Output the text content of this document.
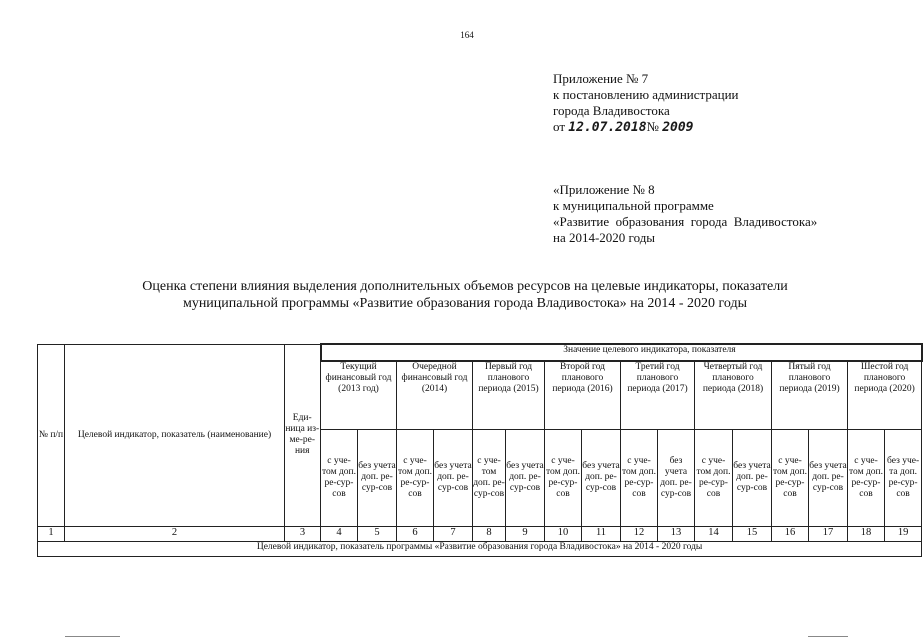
164
Приложение № 7
к постановлению администрации
города Владивостока
от 12.07.2018№ 2009
«Приложение № 8
к муниципальной программе
«Развитие  образования  города  Владивостока»
на 2014-2020 годы
Оценка степени влияния выделения дополнительных объемов ресурсов на целевые индикаторы, показатели
муниципальной программы «Развитие образования города Владивостока» на 2014 - 2020 годы
№ п/п	Целевой индикатор, показатель (наименование)	Еди-ница из-ме-ре-ния	Значение целевого индикатора, показателя															
			Текущий финансовый год (2013 год)		Очередной финансовый год (2014)		Первый год планового периода (2015)		Второй год планового периода (2016)		Третий год планового периода (2017)		Четвертый год планового периода (2018)		Пятый год планового периода (2019)		Шестой год планового периода (2020)	
			с уче-том доп. ре-сур-сов	без учета доп. ре-сур-сов	с уче-том доп. ре-сур-сов	без учета доп. ре-сур-сов	с уче-том доп. ре-сур-сов	без учета доп. ре-сур-сов	с уче-том доп. ре-сур-сов	без учета доп. ре-сур-сов	с уче-том доп. ре-сур-сов	без учета доп. ре-сур-сов	с уче-том доп. ре-сур-сов	без учета доп. ре-сур-сов	с уче-том доп. ре-сур-сов	без учета доп. ре-сур-сов	с уче-том доп. ре-сур-сов	без уче-та доп. ре-сур-сов
1	2	3	4	5	6	7	8	9	10	11	12	13	14	15	16	17	18	19
Целевой индикатор, показатель программы «Развитие образования города Владивостока» на 2014 - 2020 годы																		
